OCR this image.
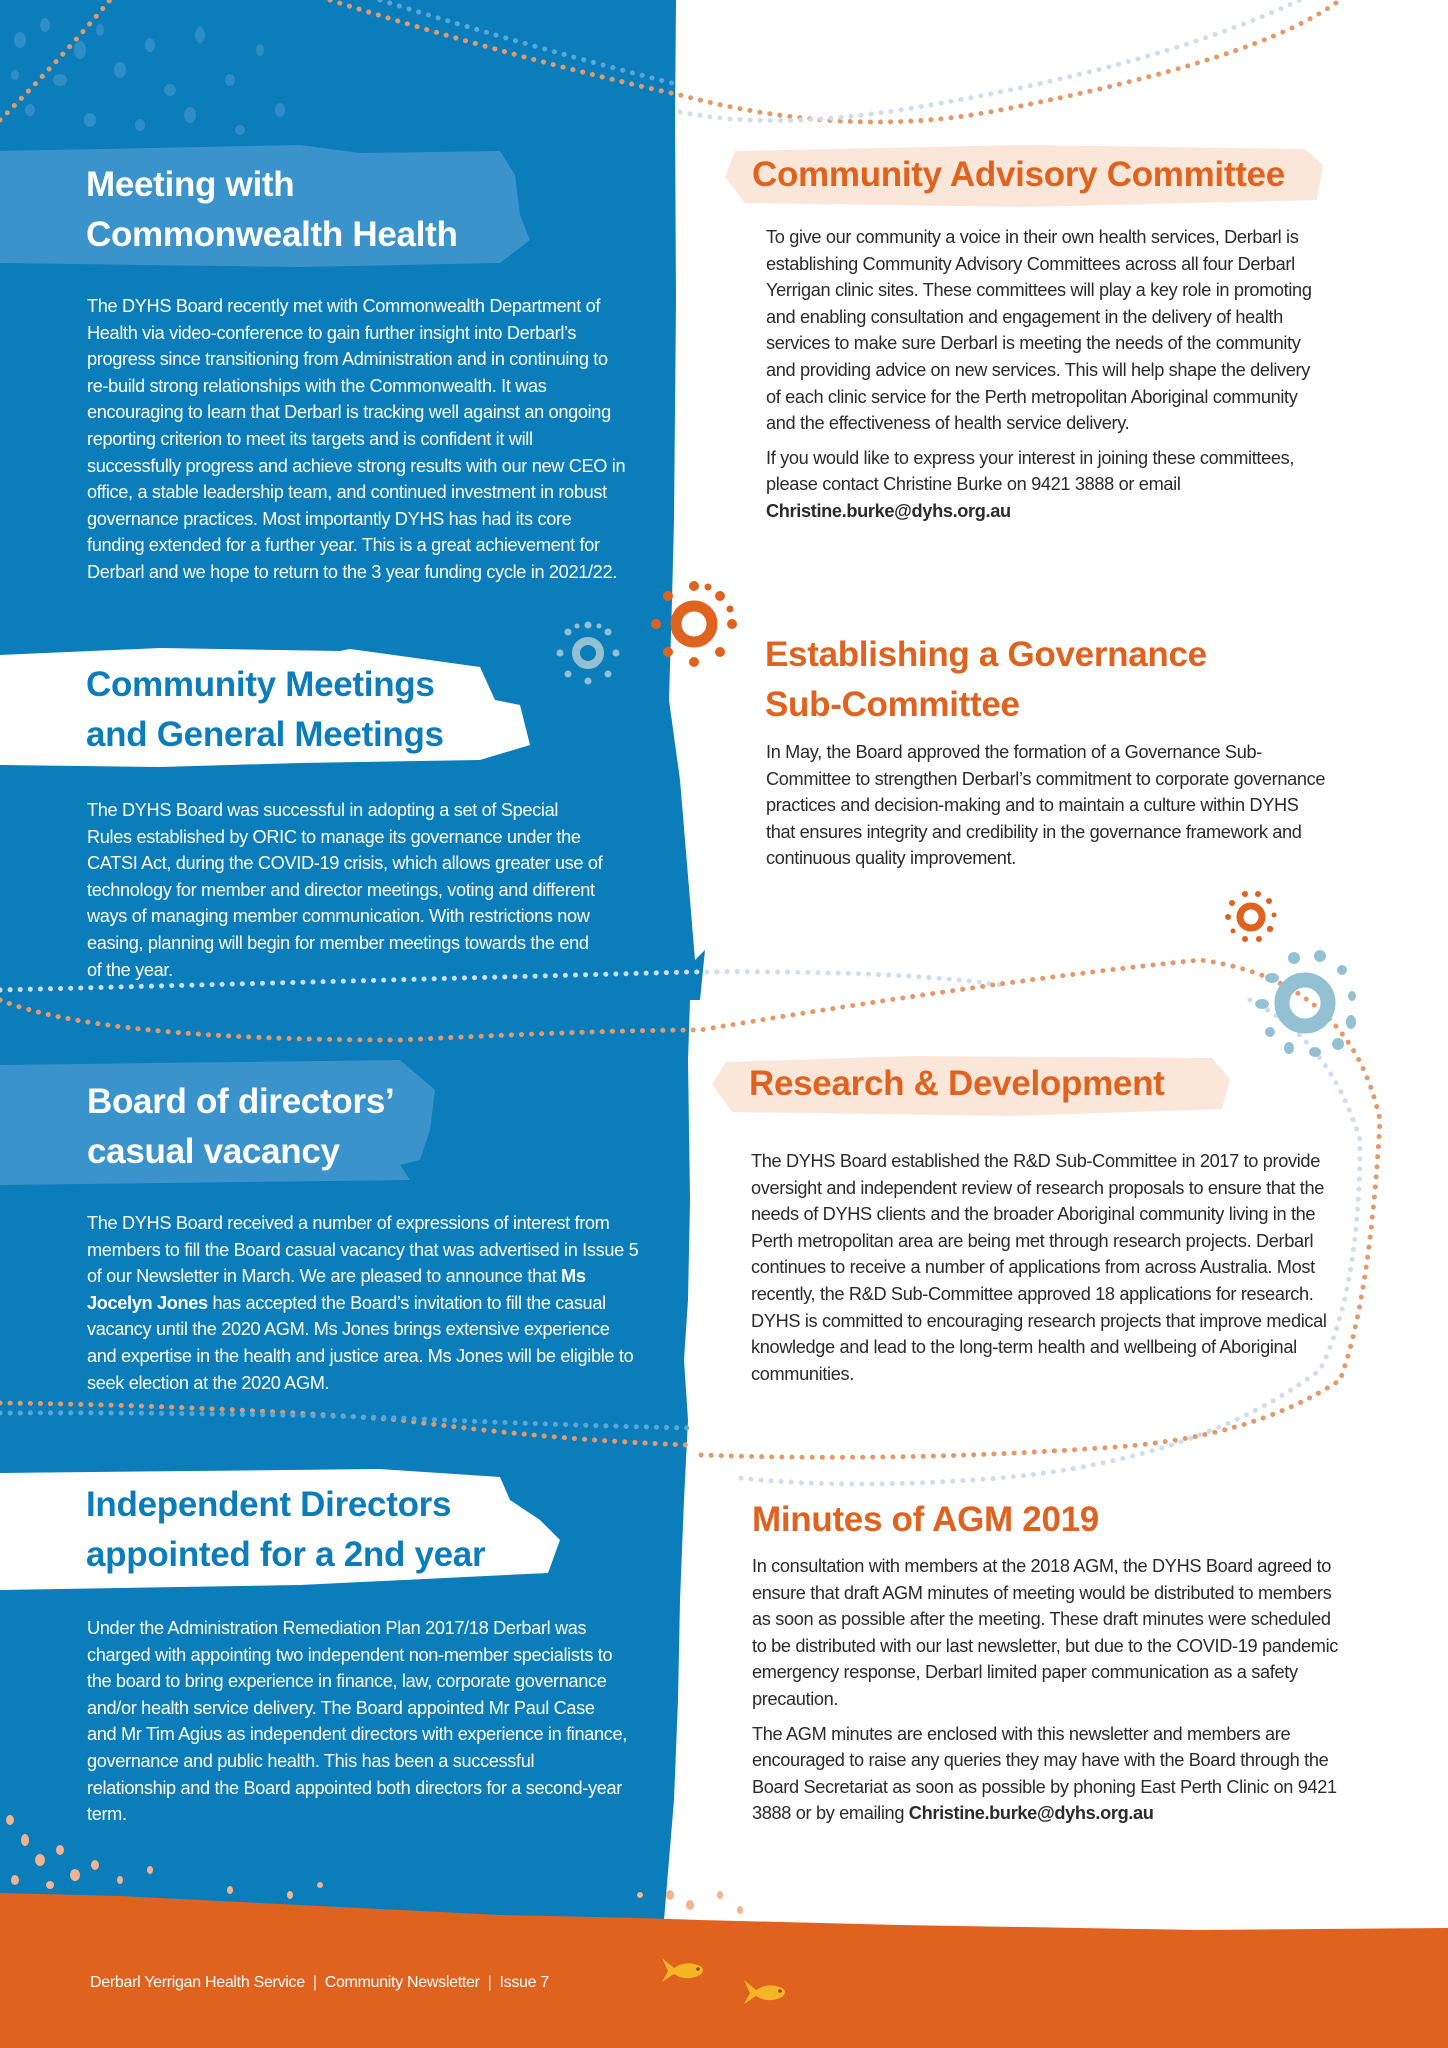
Meeting with
Commonwealth Health

The DYHS Board recently met with Commonwealth Department of Health via video-conference to gain further insight into Derbarl’s progress since transitioning from Administration and in continuing to re-build strong relationships with the Commonwealth. It was encouraging to learn that Derbarl is tracking well against an ongoing reporting criterion to meet its targets and is confident it will successfully progress and achieve strong results with our new CEO in office, a stable leadership team, and continued investment in robust governance practices. Most importantly DYHS has had its core funding extended for a further year. This is a great achievement for Derbarl and we hope to return to the 3 year funding cycle in 2021/22.

Community Meetings
and General Meetings

The DYHS Board was successful in adopting a set of Special Rules established by ORIC to manage its governance under the CATSI Act, during the COVID-19 crisis, which allows greater use of technology for member and director meetings, voting and different ways of managing member communication. With restrictions now easing, planning will begin for member meetings towards the end of the year.

Board of directors’
casual vacancy

The DYHS Board received a number of expressions of interest from members to fill the Board casual vacancy that was advertised in Issue 5 of our Newsletter in March. We are pleased to announce that Ms Jocelyn Jones has accepted the Board’s invitation to fill the casual vacancy until the 2020 AGM. Ms Jones brings extensive experience and expertise in the health and justice area. Ms Jones will be eligible to seek election at the 2020 AGM.

Independent Directors
appointed for a 2nd year

Under the Administration Remediation Plan 2017/18 Derbarl was charged with appointing two independent non-member specialists to the board to bring experience in finance, law, corporate governance and/or health service delivery. The Board appointed Mr Paul Case and Mr Tim Agius as independent directors with experience in finance, governance and public health. This has been a successful relationship and the Board appointed both directors for a second-year term.

Community Advisory Committee

To give our community a voice in their own health services, Derbarl is establishing Community Advisory Committees across all four Derbarl Yerrigan clinic sites. These committees will play a key role in promoting and enabling consultation and engagement in the delivery of health services to make sure Derbarl is meeting the needs of the community and providing advice on new services. This will help shape the delivery of each clinic service for the Perth metropolitan Aboriginal community and the effectiveness of health service delivery.

If you would like to express your interest in joining these committees, please contact Christine Burke on 9421 3888 or email
Christine.burke@dyhs.org.au

Establishing a Governance
Sub-Committee

In May, the Board approved the formation of a Governance Sub-Committee to strengthen Derbarl’s commitment to corporate governance practices and decision-making and to maintain a culture within DYHS that ensures integrity and credibility in the governance framework and continuous quality improvement.

Research & Development

The DYHS Board established the R&D Sub-Committee in 2017 to provide oversight and independent review of research proposals to ensure that the needs of DYHS clients and the broader Aboriginal community living in the Perth metropolitan area are being met through research projects. Derbarl continues to receive a number of applications from across Australia. Most recently, the R&D Sub-Committee approved 18 applications for research. DYHS is committed to encouraging research projects that improve medical knowledge and lead to the long-term health and wellbeing of Aboriginal communities.

Minutes of AGM 2019

In consultation with members at the 2018 AGM, the DYHS Board agreed to ensure that draft AGM minutes of meeting would be distributed to members as soon as possible after the meeting. These draft minutes were scheduled to be distributed with our last newsletter, but due to the COVID-19 pandemic emergency response, Derbarl limited paper communication as a safety precaution.

The AGM minutes are enclosed with this newsletter and members are encouraged to raise any queries they may have with the Board through the Board Secretariat as soon as possible by phoning East Perth Clinic on 9421 3888 or by emailing Christine.burke@dyhs.org.au

Derbarl Yerrigan Health Service | Community Newsletter | Issue 7
